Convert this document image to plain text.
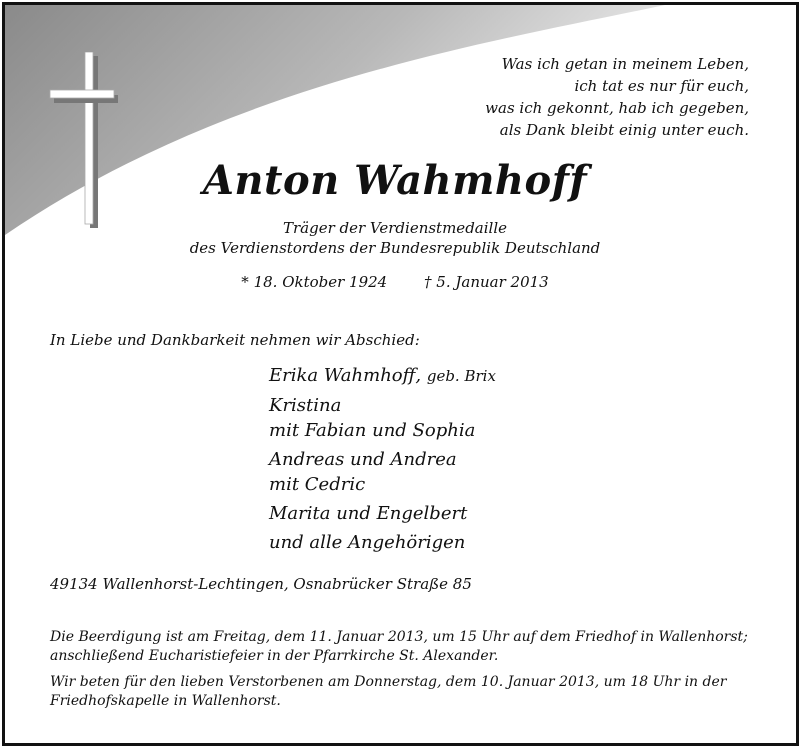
Was ich getan in meinem Leben,
ich tat es nur für euch,
was ich gekonnt, hab ich gegeben,
als Dank bleibt einig unter euch.
Anton Wahmhoff
Träger der Verdienstmedaille
des Verdienstordens der Bundesrepublik Deutschland
* 18. Oktober 1924 † 5. Januar 2013
In Liebe und Dankbarkeit nehmen wir Abschied:
Erika Wahmhoff, geb. Brix
Kristina
mit Fabian und Sophia
Andreas und Andrea
mit Cedric
Marita und Engelbert
und alle Angehörigen
49134 Wallenhorst-Lechtingen, Osnabrücker Straße 85
Die Beerdigung ist am Freitag, dem 11. Januar 2013, um 15 Uhr auf dem Friedhof in Wallenhorst;
anschließend Eucharistiefeier in der Pfarrkirche St. Alexander.
Wir beten für den lieben Verstorbenen am Donnerstag, dem 10. Januar 2013, um 18 Uhr in der
Friedhofskapelle in Wallenhorst.
